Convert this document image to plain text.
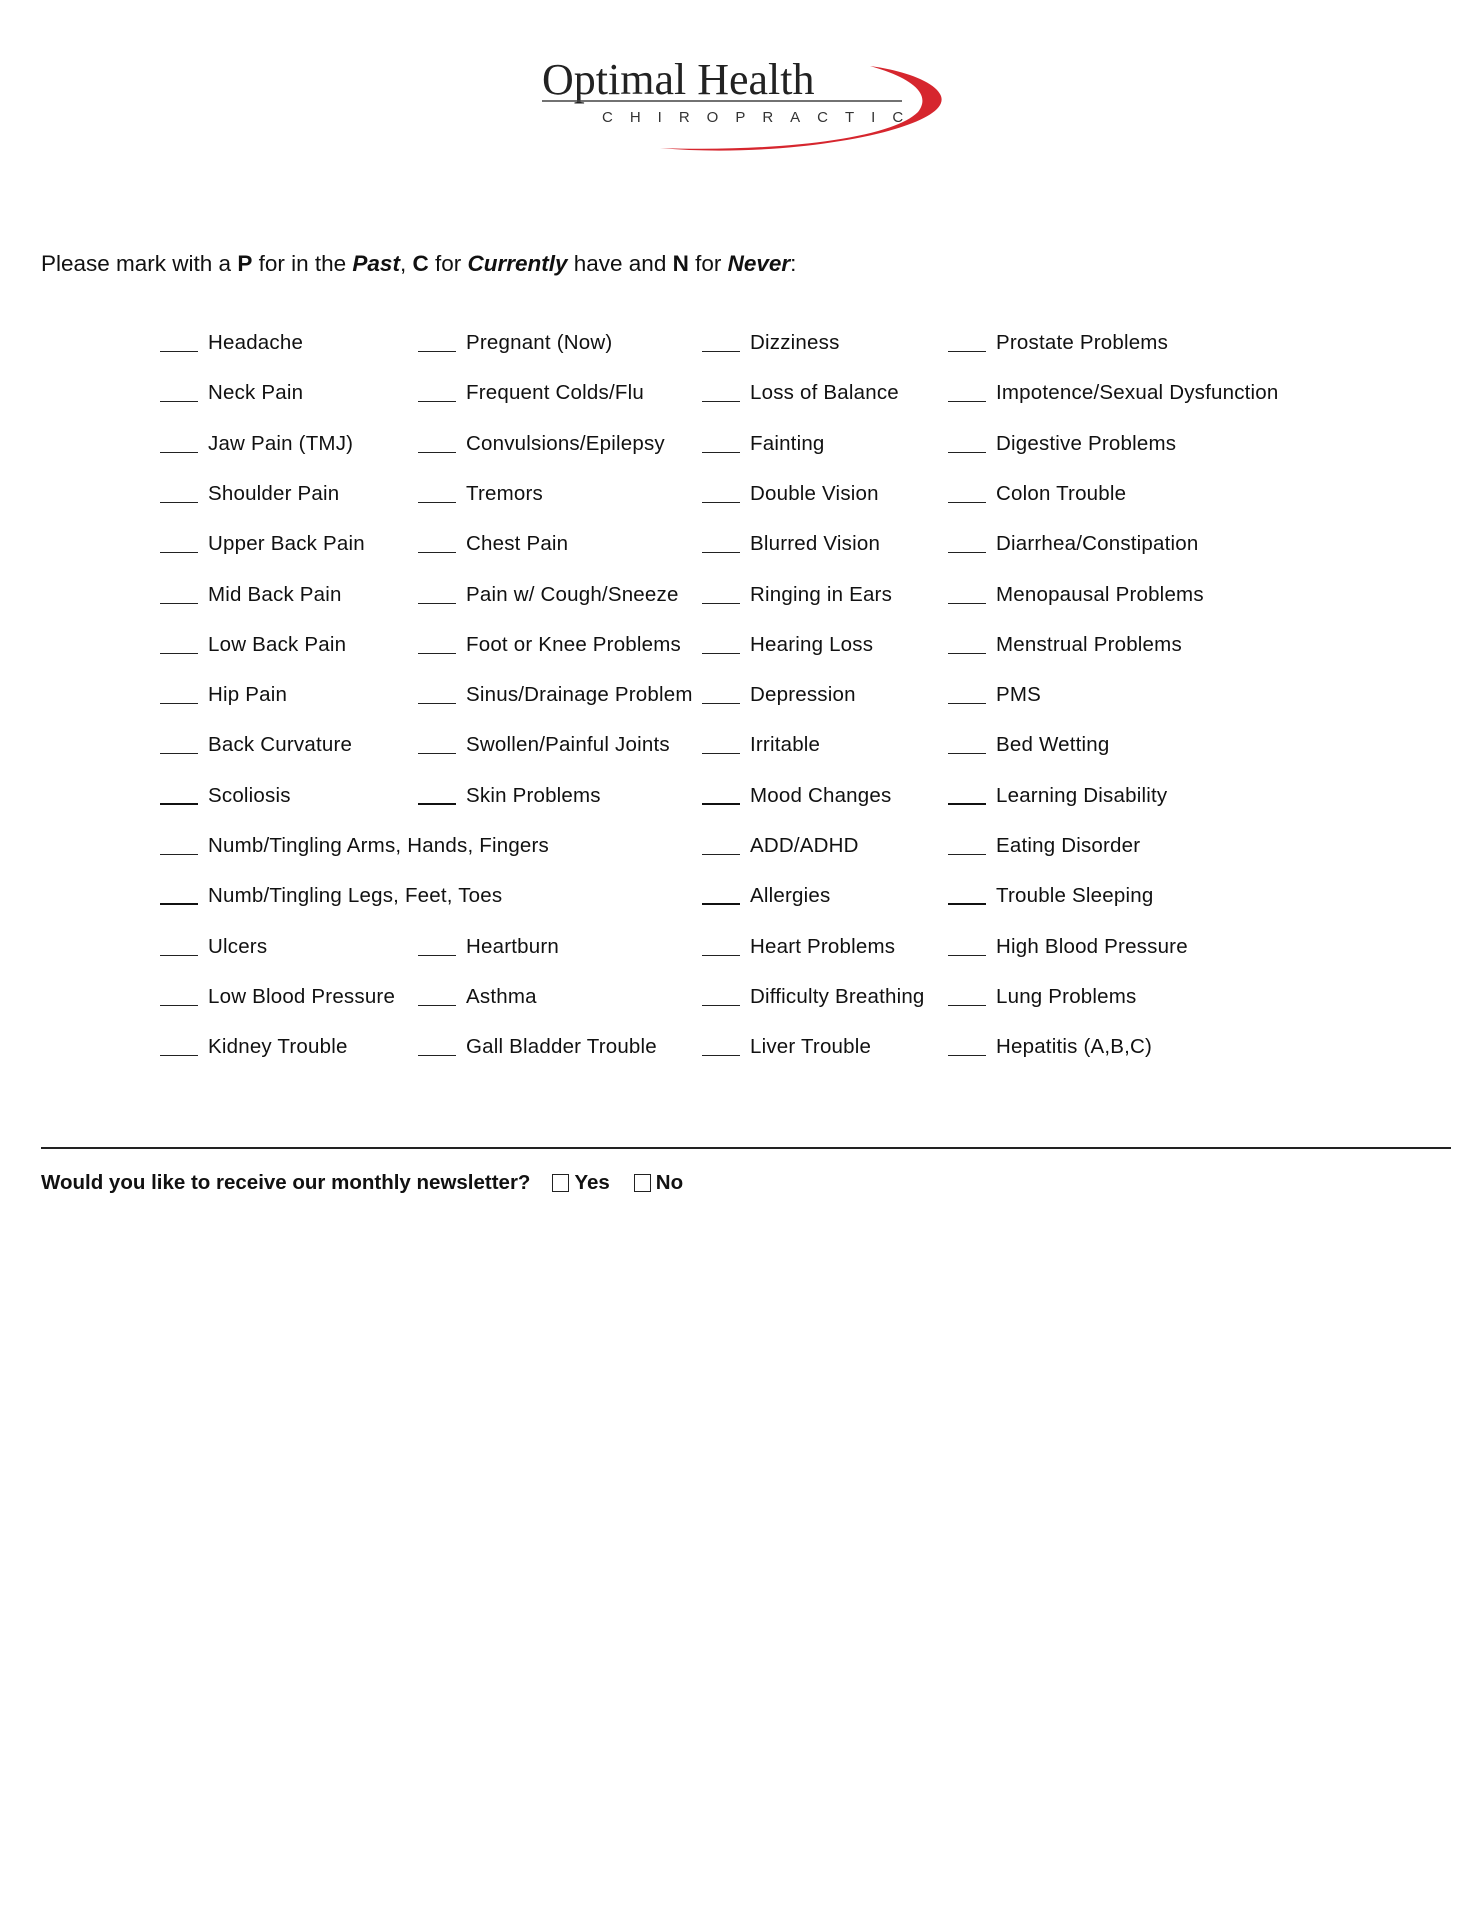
Optimal Health
CHIROPRACTIC
Please mark with a P for in the Past, C for Currently have and N for Never:
Headache	Pregnant (Now)	Dizziness	Prostate Problems
Neck Pain	Frequent Colds/Flu	Loss of Balance	Impotence/Sexual Dysfunction
Jaw Pain (TMJ)	Convulsions/Epilepsy	Fainting	Digestive Problems
Shoulder Pain	Tremors	Double Vision	Colon Trouble
Upper Back Pain	Chest Pain	Blurred Vision	Diarrhea/Constipation
Mid Back Pain	Pain w/ Cough/Sneeze	Ringing in Ears	Menopausal Problems
Low Back Pain	Foot or Knee Problems	Hearing Loss	Menstrual Problems
Hip Pain	Sinus/Drainage Problem	Depression	PMS
Back Curvature	Swollen/Painful Joints	Irritable	Bed Wetting
Scoliosis	Skin Problems	Mood Changes	Learning Disability
Numb/Tingling Arms, Hands, Fingers	ADD/ADHD	Eating Disorder
Numb/Tingling Legs, Feet, Toes	Allergies	Trouble Sleeping
Ulcers	Heartburn	Heart Problems	High Blood Pressure
Low Blood Pressure	Asthma	Difficulty Breathing	Lung Problems
Kidney Trouble	Gall Bladder Trouble	Liver Trouble	Hepatitis (A,B,C)
Would you like to receive our monthly newsletter? Yes No
